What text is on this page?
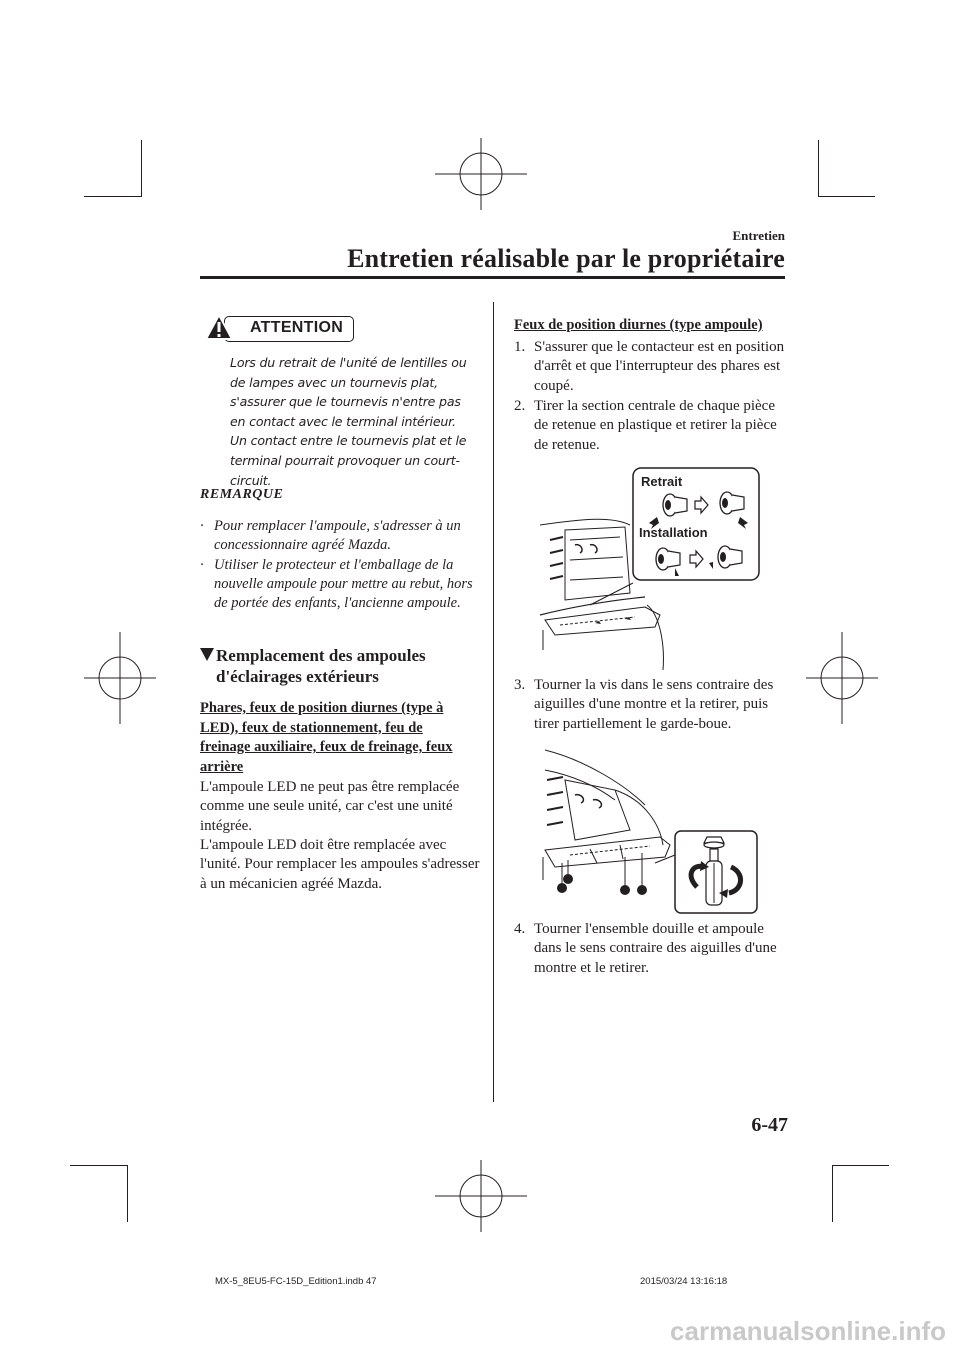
Entretien
Entretien réalisable par le propriétaire
ATTENTION
Lors du retrait de l'unité de lentilles ou de lampes avec un tournevis plat, s'assurer que le tournevis n'entre pas en contact avec le terminal intérieur. Un contact entre le tournevis plat et le terminal pourrait provoquer un court-circuit.
REMARQUE
· Pour remplacer l'ampoule, s'adresser à un concessionnaire agréé Mazda.
· Utiliser le protecteur et l'emballage de la nouvelle ampoule pour mettre au rebut, hors de portée des enfants, l'ancienne ampoule.
Remplacement des ampoules d'éclairages extérieurs
Phares, feux de position diurnes (type à LED), feux de stationnement, feu de freinage auxiliaire, feux de freinage, feux arrière
L'ampoule LED ne peut pas être remplacée comme une seule unité, car c'est une unité intégrée.
L'ampoule LED doit être remplacée avec l'unité. Pour remplacer les ampoules s'adresser à un mécanicien agréé Mazda.
Feux de position diurnes (type ampoule)
1. S'assurer que le contacteur est en position d'arrêt et que l'interrupteur des phares est coupé.
2. Tirer la section centrale de chaque pièce de retenue en plastique et retirer la pièce de retenue.
Retrait
Installation
3. Tourner la vis dans le sens contraire des aiguilles d'une montre et la retirer, puis tirer partiellement le garde-boue.
4. Tourner l'ensemble douille et ampoule dans le sens contraire des aiguilles d'une montre et le retirer.
6-47
MX-5_8EU5-FC-15D_Edition1.indb 47	2015/03/24 13:16:18
carmanualsonline.info
